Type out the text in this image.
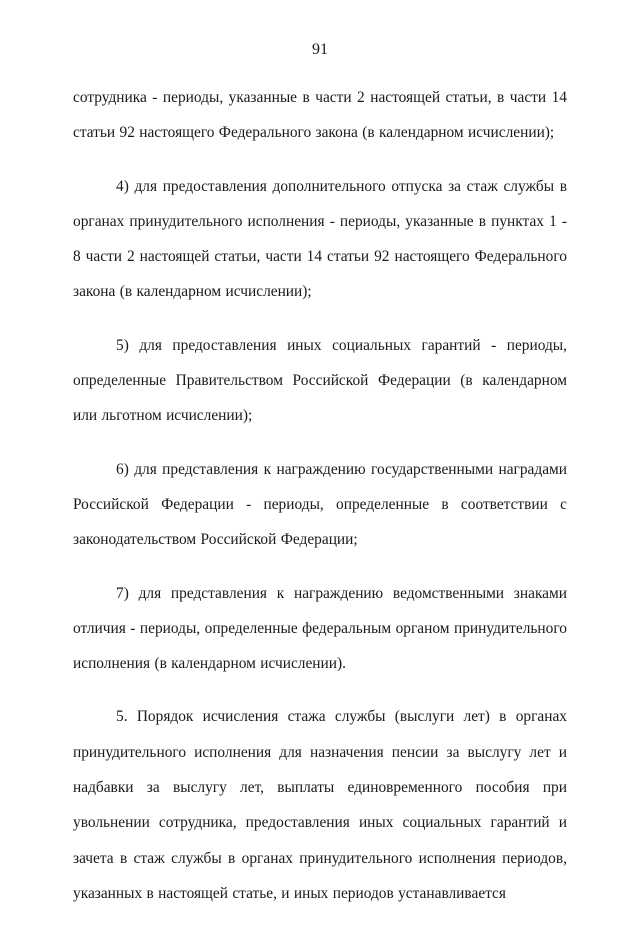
91

сотрудника - периоды, указанные в части 2 настоящей статьи, в части 14 статьи 92 настоящего Федерального закона (в календарном исчислении);

4) для предоставления дополнительного отпуска за стаж службы в органах принудительного исполнения - периоды, указанные в пунктах 1 - 8 части 2 настоящей статьи, части 14 статьи 92 настоящего Федерального закона (в календарном исчислении);

5) для предоставления иных социальных гарантий - периоды, определенные Правительством Российской Федерации (в календарном или льготном исчислении);

6) для представления к награждению государственными наградами Российской Федерации - периоды, определенные в соответствии с законодательством Российской Федерации;

7) для представления к награждению ведомственными знаками отличия - периоды, определенные федеральным органом принудительного исполнения (в календарном исчислении).

5. Порядок исчисления стажа службы (выслуги лет) в органах принудительного исполнения для назначения пенсии за выслугу лет и надбавки за выслугу лет, выплаты единовременного пособия при увольнении сотрудника, предоставления иных социальных гарантий и зачета в стаж службы в органах принудительного исполнения периодов, указанных в настоящей статье, и иных периодов устанавливается
